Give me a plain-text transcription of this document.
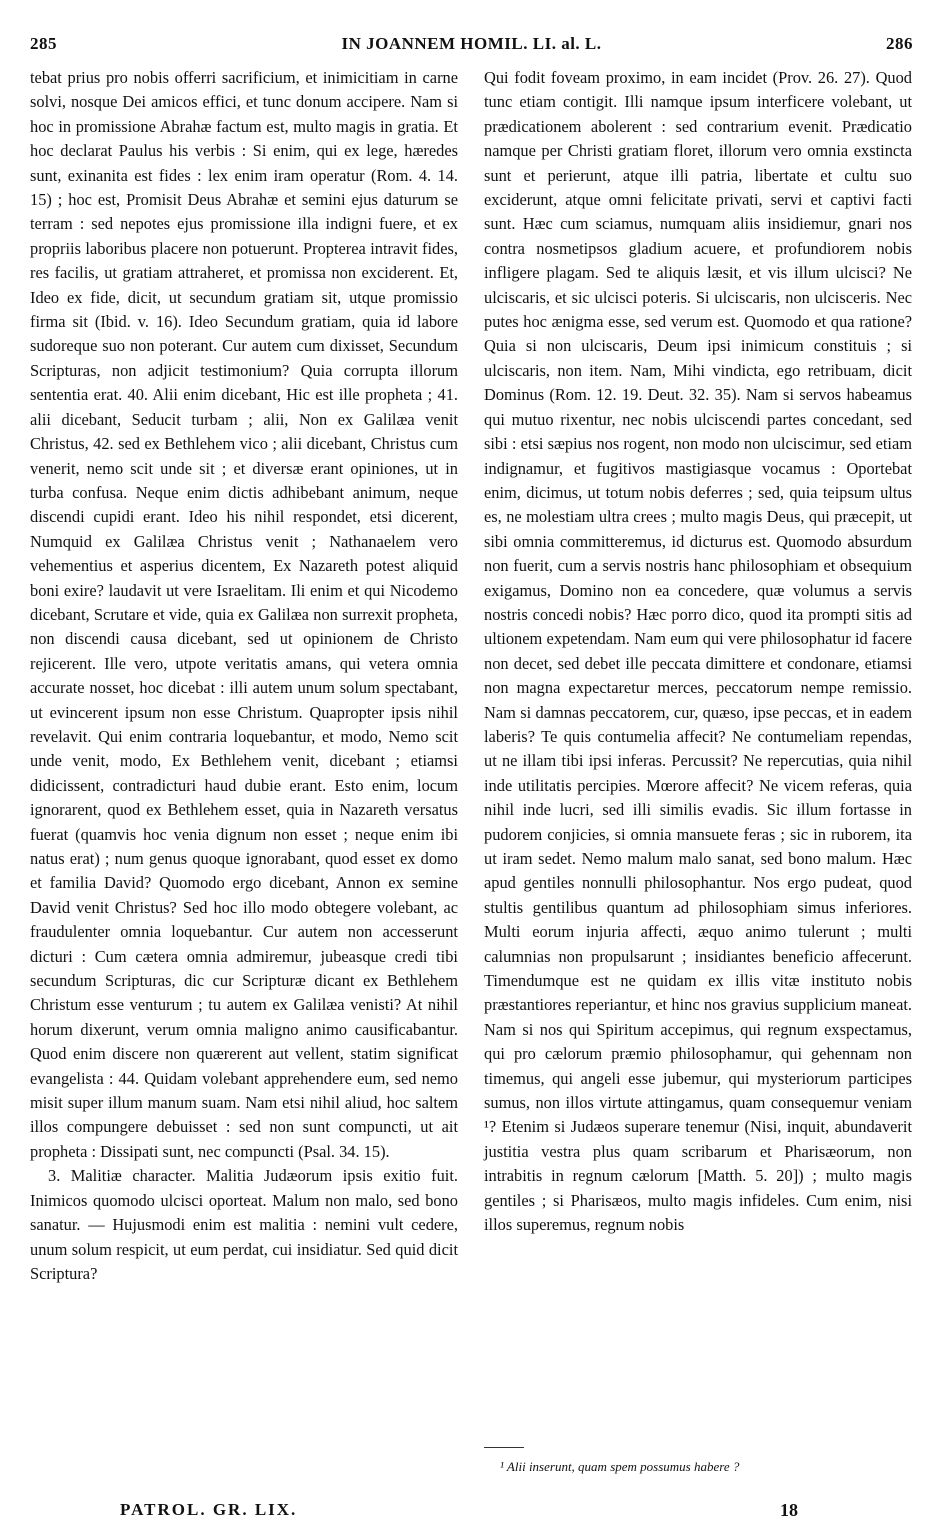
285	IN JOANNEM HOMIL. LI. al. L.	286

tebat prius pro nobis offerri sacrificium, et inimicitiam in carne solvi, nosque Dei amicos effici, et tunc donum accipere. Nam si hoc in promissione Abrahæ factum est, multo magis in gratia. Et hoc declarat Paulus his verbis : Si enim, qui ex lege, hæredes sunt, exinanita est fides : lex enim iram operatur (Rom. 4. 14. 15) ; hoc est, Promisit Deus Abrahæ et semini ejus daturum se terram : sed nepotes ejus promissione illa indigni fuere, et ex propriis laboribus placere non potuerunt. Propterea intravit fides, res facilis, ut gratiam attraheret, et promissa non exciderent. Et, Ideo ex fide, dicit, ut secundum gratiam sit, utque promissio firma sit (Ibid. v. 16). Ideo Secundum gratiam, quia id labore sudoreque suo non poterant. Cur autem cum dixisset, Secundum Scripturas, non adjicit testimonium? Quia corrupta illorum sententia erat. 40. Alii enim dicebant, Hic est ille propheta ; 41. alii dicebant, Seducit turbam ; alii, Non ex Galilæa venit Christus, 42. sed ex Bethlehem vico ; alii dicebant, Christus cum venerit, nemo scit unde sit ; et diversæ erant opiniones, ut in turba confusa. Neque enim dictis adhibebant animum, neque discendi cupidi erant. Ideo his nihil respondet, etsi dicerent, Numquid ex Galilæa Christus venit ; Nathanaelem vero vehementius et asperius dicentem, Ex Nazareth potest aliquid boni exire? laudavit ut vere Israelitam. Ili enim et qui Nicodemo dicebant, Scrutare et vide, quia ex Galilæa non surrexit propheta, non discendi causa dicebant, sed ut opinionem de Christo rejicerent. Ille vero, utpote veritatis amans, qui vetera omnia accurate nosset, hoc dicebat : illi autem unum solum spectabant, ut evincerent ipsum non esse Christum. Quapropter ipsis nihil revelavit. Qui enim contraria loquebantur, et modo, Nemo scit unde venit, modo, Ex Bethlehem venit, dicebant ; etiamsi didicissent, contradicturi haud dubie erant. Esto enim, locum ignorarent, quod ex Bethlehem esset, quia in Nazareth versatus fuerat (quamvis hoc venia dignum non esset ; neque enim ibi natus erat) ; num genus quoque ignorabant, quod esset ex domo et familia David? Quomodo ergo dicebant, Annon ex semine David venit Christus? Sed hoc illo modo obtegere volebant, ac fraudulenter omnia loquebantur. Cur autem non accesserunt dicturi : Cum cætera omnia admiremur, jubeasque credi tibi secundum Scripturas, dic cur Scripturæ dicant ex Bethlehem Christum esse venturum ; tu autem ex Galilæa venisti? At nihil horum dixerunt, verum omnia maligno animo causificabantur. Quod enim discere non quærerent aut vellent, statim significat evangelista : 44. Quidam volebant apprehendere eum, sed nemo misit super illum manum suam. Nam etsi nihil aliud, hoc saltem illos compungere debuisset : sed non sunt compuncti, ut ait propheta : Dissipati sunt, nec compuncti (Psal. 34. 15).

3. Malitiæ character. Malitia Judæorum ipsis exitio fuit. Inimicos quomodo ulcisci oporteat. Malum non malo, sed bono sanatur. — Hujusmodi enim est malitia : nemini vult cedere, unum solum respicit, ut eum perdat, cui insidiatur. Sed quid dicit Scriptura?

Qui fodit foveam proximo, in eam incidet (Prov. 26. 27). Quod tunc etiam contigit. Illi namque ipsum interficere volebant, ut prædicationem abolerent : sed contrarium evenit. Prædicatio namque per Christi gratiam floret, illorum vero omnia exstincta sunt et perierunt, atque illi patria, libertate et cultu suo exciderunt, atque omni felicitate privati, servi et captivi facti sunt. Hæc cum sciamus, numquam aliis insidiemur, gnari nos contra nosmetipsos gladium acuere, et profundiorem nobis infligere plagam. Sed te aliquis læsit, et vis illum ulcisci? Ne ulciscaris, et sic ulcisci poteris. Si ulciscaris, non ulcisceris. Nec putes hoc ænigma esse, sed verum est. Quomodo et qua ratione? Quia si non ulciscaris, Deum ipsi inimicum constituis ; si ulciscaris, non item. Nam, Mihi vindicta, ego retribuam, dicit Dominus (Rom. 12. 19. Deut. 32. 35). Nam si servos habeamus qui mutuo rixentur, nec nobis ulciscendi partes concedant, sed sibi : etsi sæpius nos rogent, non modo non ulciscimur, sed etiam indignamur, et fugitivos mastigiasque vocamus : Oportebat enim, dicimus, ut totum nobis deferres ; sed, quia teipsum ultus es, ne molestiam ultra crees ; multo magis Deus, qui præcepit, ut sibi omnia committeremus, id dicturus est. Quomodo absurdum non fuerit, cum a servis nostris hanc philosophiam et obsequium exigamus, Domino non ea concedere, quæ volumus a servis nostris concedi nobis? Hæc porro dico, quod ita prompti sitis ad ultionem expetendam. Nam eum qui vere philosophatur id facere non decet, sed debet ille peccata dimittere et condonare, etiamsi non magna expectaretur merces, peccatorum nempe remissio. Nam si damnas peccatorem, cur, quæso, ipse peccas, et in eadem laberis? Te quis contumelia affecit? Ne contumeliam rependas, ut ne illam tibi ipsi inferas. Percussit? Ne repercutias, quia nihil inde utilitatis percipies. Mœrore affecit? Ne vicem referas, quia nihil inde lucri, sed illi similis evadis. Sic illum fortasse in pudorem conjicies, si omnia mansuete feras ; sic in ruborem, ita ut iram sedet. Nemo malum malo sanat, sed bono malum. Hæc apud gentiles nonnulli philosophantur. Nos ergo pudeat, quod stultis gentilibus quantum ad philosophiam simus inferiores. Multi eorum injuria affecti, æquo animo tulerunt ; multi calumnias non propulsarunt ; insidiantes beneficio affecerunt. Timendumque est ne quidam ex illis vitæ instituto nobis præstantiores reperiantur, et hinc nos gravius supplicium maneat. Nam si nos qui Spiritum accepimus, qui regnum exspectamus, qui pro cælorum præmio philosophamur, qui gehennam non timemus, qui angeli esse jubemur, qui mysteriorum participes sumus, non illos virtute attingamus, quam consequemur veniam ¹? Etenim si Judæos superare tenemur (Nisi, inquit, abundaverit justitia vestra plus quam scribarum et Pharisæorum, non intrabitis in regnum cælorum [Matth. 5. 20]) ; multo magis gentiles ; si Pharisæos, multo magis infideles. Cum enim, nisi illos superemus, regnum nobis

¹ Alii inserunt, quam spem possumus habere ?
PATROL. GR. LIX.	18
